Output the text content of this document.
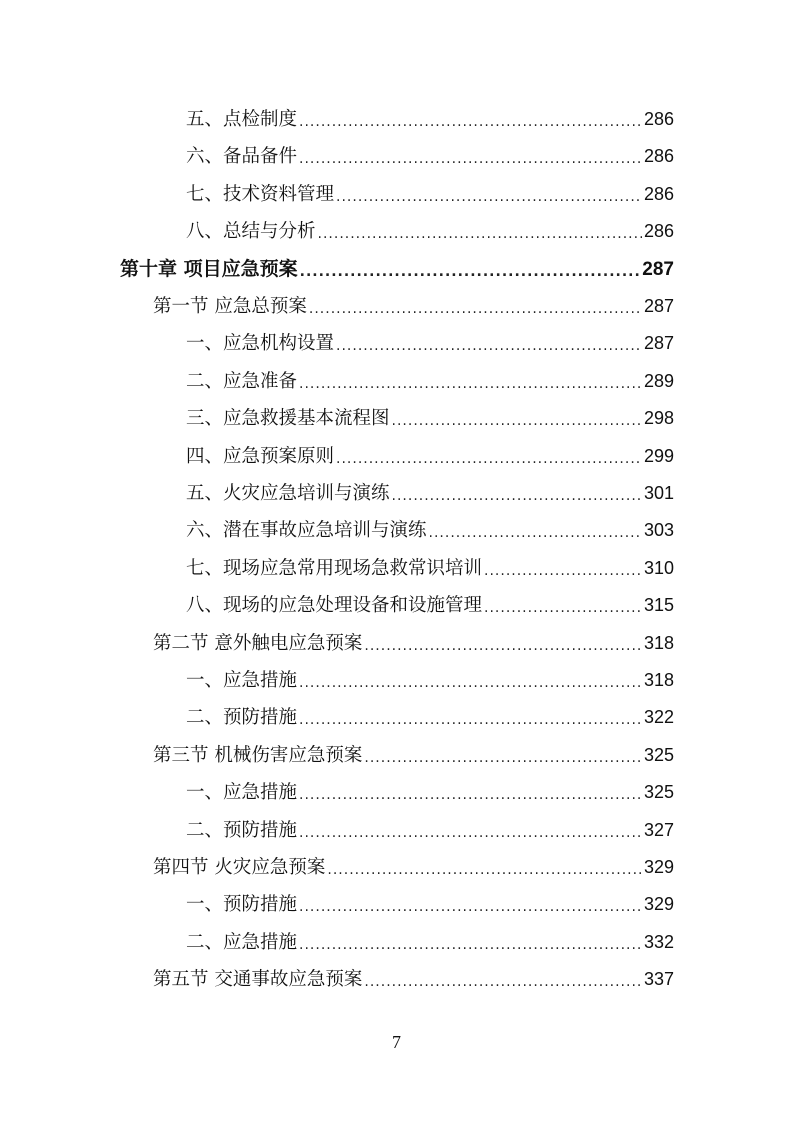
五、点检制度 .....	286
六、备品备件 .....	286
七、技术资料管理 .....	286
八、总结与分析 .....	286
第十章 项目应急预案 .....	287
第一节 应急总预案 .....	287
一、应急机构设置 .....	287
二、应急准备 .....	289
三、应急救援基本流程图 .....	298
四、应急预案原则 .....	299
五、火灾应急培训与演练 .....	301
六、潜在事故应急培训与演练 .....	303
七、现场应急常用现场急救常识培训 .....	310
八、现场的应急处理设备和设施管理 .....	315
第二节 意外触电应急预案 .....	318
一、应急措施 .....	318
二、预防措施 .....	322
第三节 机械伤害应急预案 .....	325
一、应急措施 .....	325
二、预防措施 .....	327
第四节 火灾应急预案 .....	329
一、预防措施 .....	329
二、应急措施 .....	332
第五节 交通事故应急预案 .....	337
7
